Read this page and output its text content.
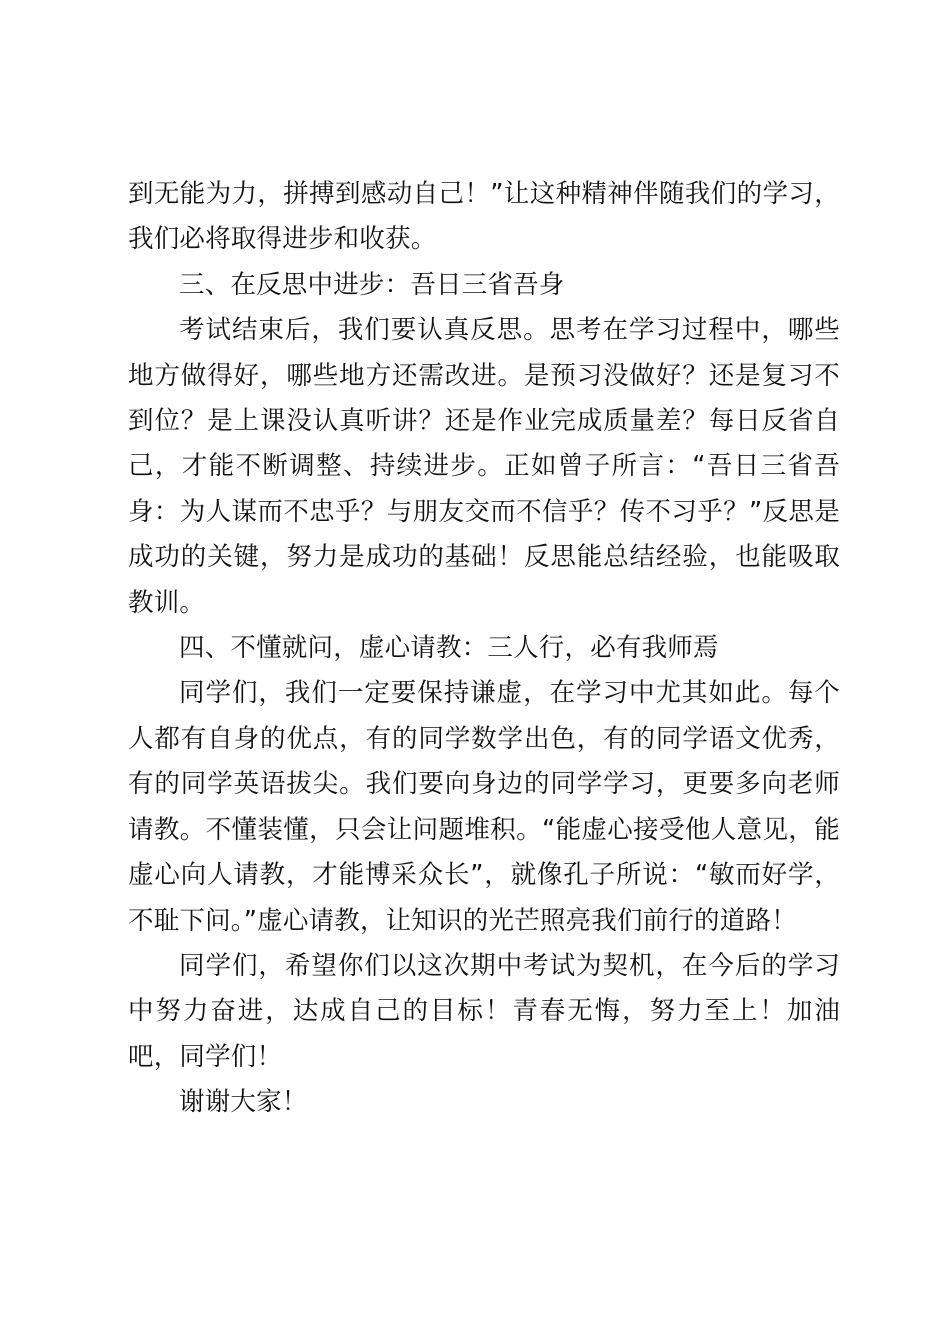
到无能为力，拼搏到感动自己！”让这种精神伴随我们的学习，我们必将取得进步和收获。

三、在反思中进步：吾日三省吾身

考试结束后，我们要认真反思。思考在学习过程中，哪些地方做得好，哪些地方还需改进。是预习没做好？还是复习不到位？是上课没认真听讲？还是作业完成质量差？每日反省自己，才能不断调整、持续进步。正如曾子所言：“吾日三省吾身：为人谋而不忠乎？与朋友交而不信乎？传不习乎？”反思是成功的关键，努力是成功的基础！反思能总结经验，也能吸取教训。

四、不懂就问，虚心请教：三人行，必有我师焉

同学们，我们一定要保持谦虚，在学习中尤其如此。每个人都有自身的优点，有的同学数学出色，有的同学语文优秀，有的同学英语拔尖。我们要向身边的同学学习，更要多向老师请教。不懂装懂，只会让问题堆积。“能虚心接受他人意见，能虚心向人请教，才能博采众长”，就像孔子所说：“敏而好学，不耻下问。”虚心请教，让知识的光芒照亮我们前行的道路！

同学们，希望你们以这次期中考试为契机，在今后的学习中努力奋进，达成自己的目标！青春无悔，努力至上！加油吧，同学们！

谢谢大家！
